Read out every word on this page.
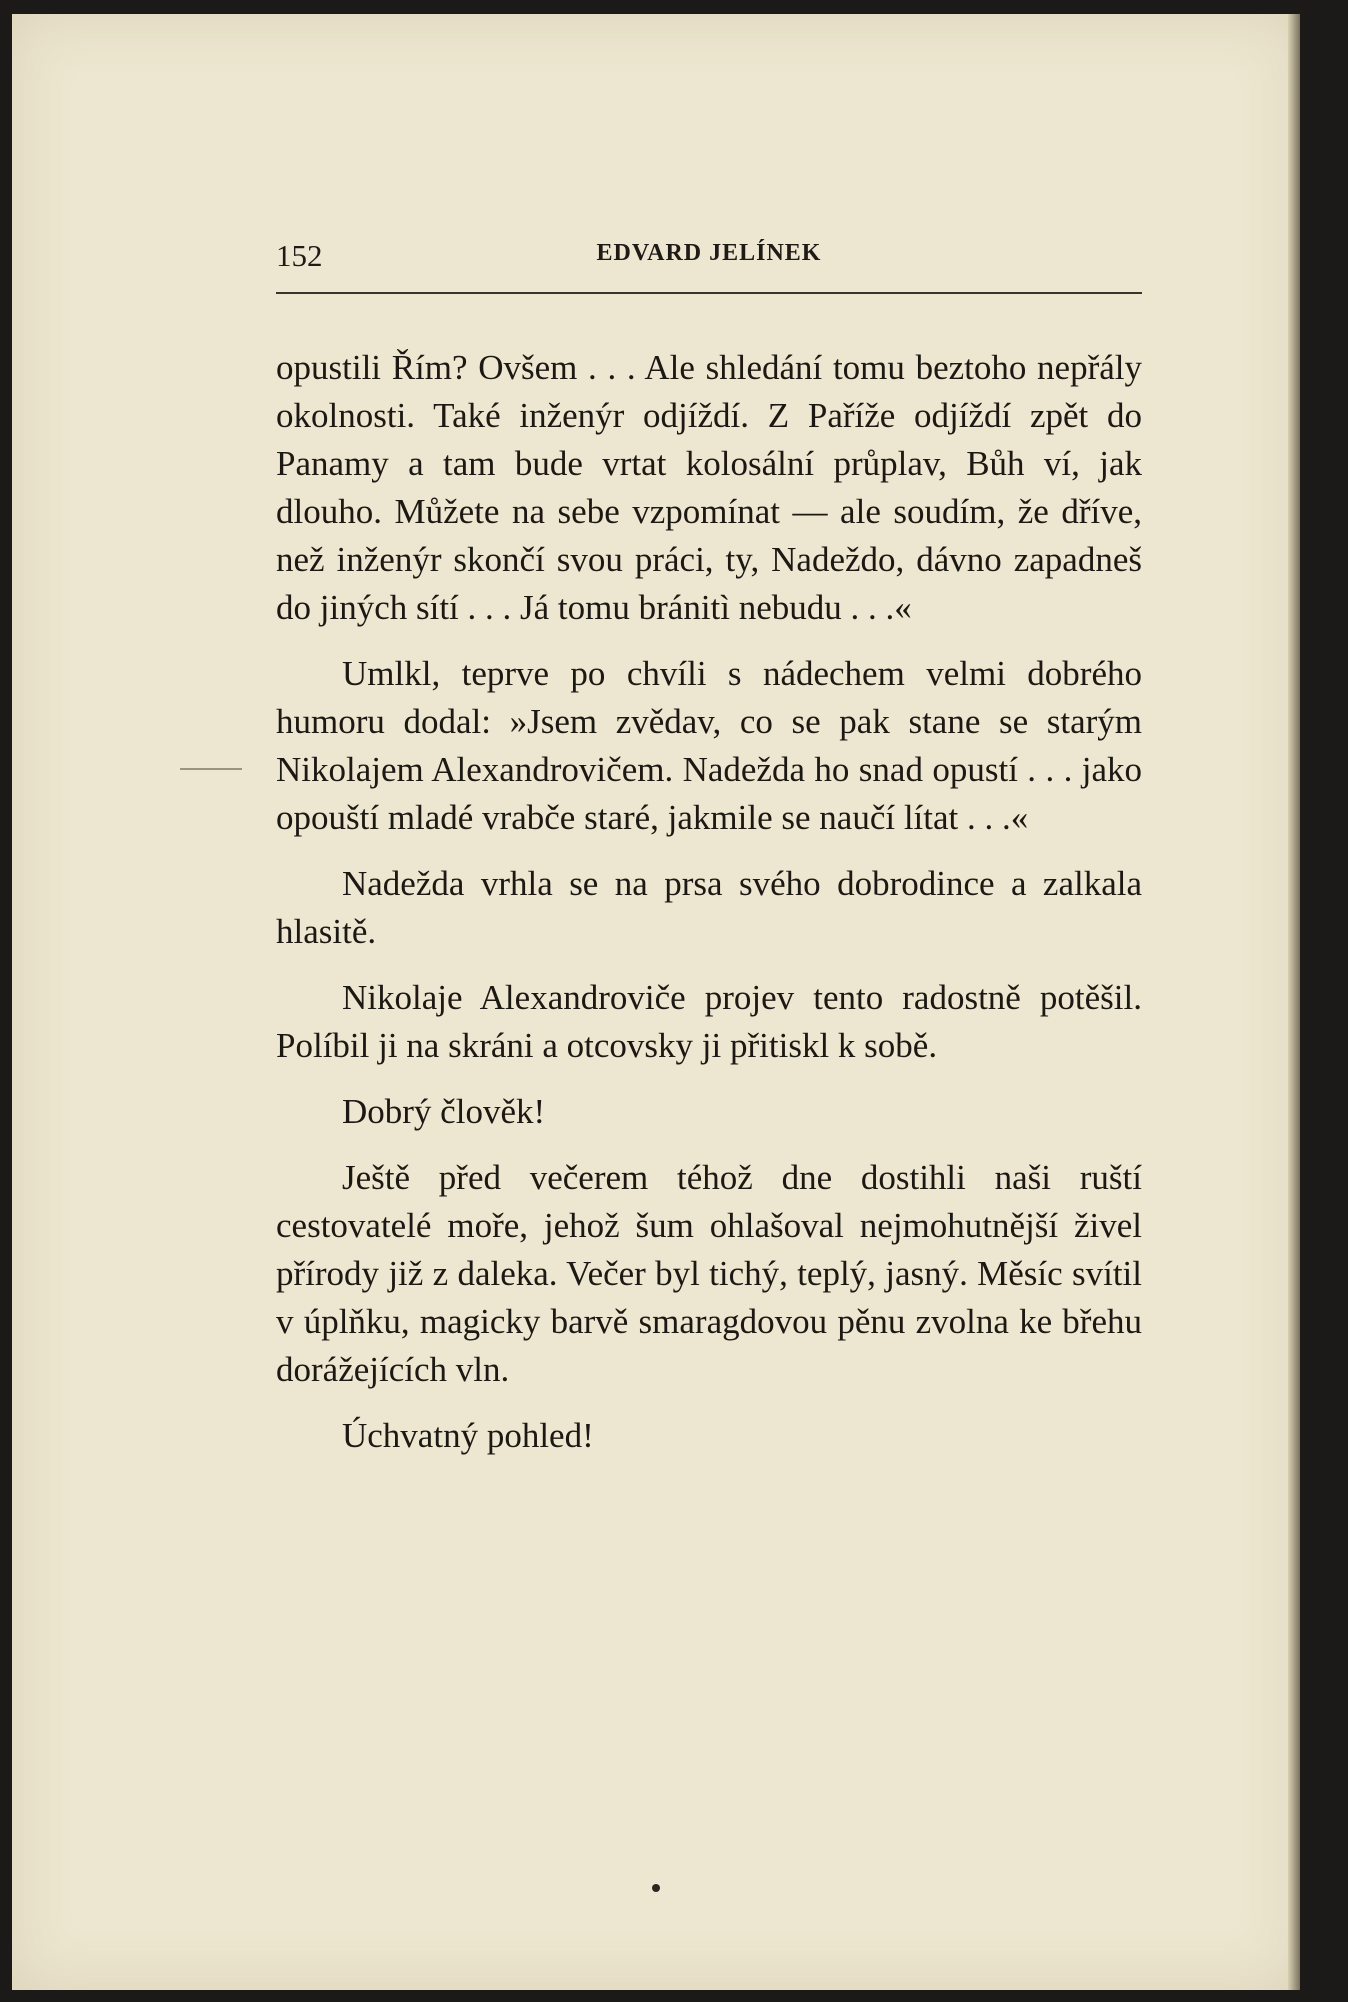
152	EDVARD JELÍNEK

opustili Řím? Ovšem . . . Ale shledání tomu beztoho nepřály okolnosti. Také inženýr odjíždí. Z Paříže odjíždí zpět do Panamy a tam bude vrtat kolosální průplav, Bůh ví, jak dlouho. Můžete na sebe vzpomínat — ale soudím, že dříve, než inženýr skončí svou práci, ty, Nadeždo, dávno zapadneš do jiných sítí . . . Já tomu bránitì nebudu . . .«

Umlkl, teprve po chvíli s nádechem velmi dobrého humoru dodal: »Jsem zvědav, co se pak stane se starým Nikolajem Alexandrovičem. Nadežda ho snad opustí . . . jako opouští mladé vrabče staré, jakmile se naučí lítat . . .«

Nadežda vrhla se na prsa svého dobrodince a zalkala hlasitě.

Nikolaje Alexandroviče projev tento radostně potěšil. Políbil ji na skráni a otcovsky ji přitiskl k sobě.

Dobrý člověk!

Ještě před večerem téhož dne dostihli naši ruští cestovatelé moře, jehož šum ohlašoval nejmohutnější živel přírody již z daleka. Večer byl tichý, teplý, jasný. Měsíc svítil v úplňku, magicky barvě smaragdovou pěnu zvolna ke břehu dorážejících vln.

Úchvatný pohled!
